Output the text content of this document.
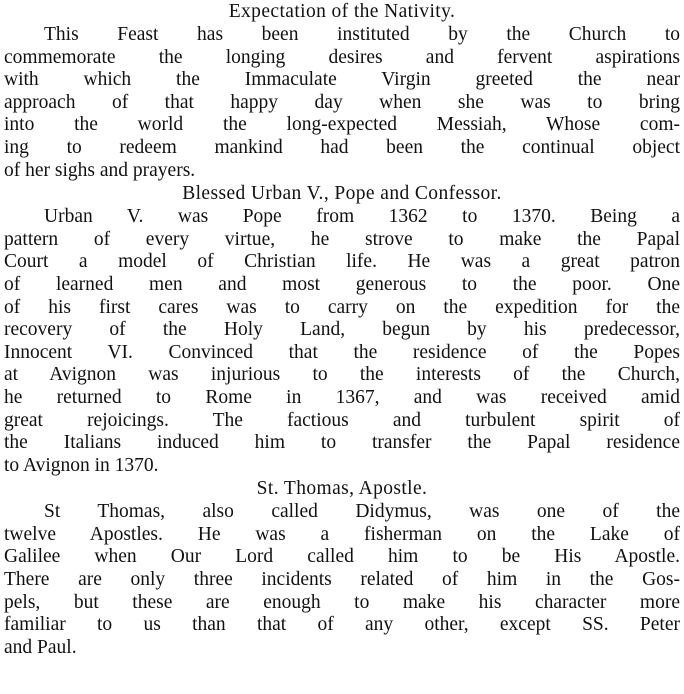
Expectation of the Nativity.
This Feast has been instituted by the Church to
commemorate the longing desires and fervent aspirations
with which the Immaculate Virgin greeted the near
approach of that happy day when she was to bring
into the world the long-expected Messiah, Whose com-
ing to redeem mankind had been the continual object
of her sighs and prayers.
Blessed Urban V., Pope and Confessor.
Urban V. was Pope from 1362 to 1370. Being a
pattern of every virtue, he strove to make the Papal
Court a model of Christian life. He was a great patron
of learned men and most generous to the poor. One
of his first cares was to carry on the expedition for the
recovery of the Holy Land, begun by his predecessor,
Innocent VI. Convinced that the residence of the Popes
at Avignon was injurious to the interests of the Church,
he returned to Rome in 1367, and was received amid
great rejoicings. The factious and turbulent spirit of
the Italians induced him to transfer the Papal residence
to Avignon in 1370.
St. Thomas, Apostle.
St Thomas, also called Didymus, was one of the
twelve Apostles. He was a fisherman on the Lake of
Galilee when Our Lord called him to be His Apostle.
There are only three incidents related of him in the Gos-
pels, but these are enough to make his character more
familiar to us than that of any other, except SS. Peter
and Paul.
